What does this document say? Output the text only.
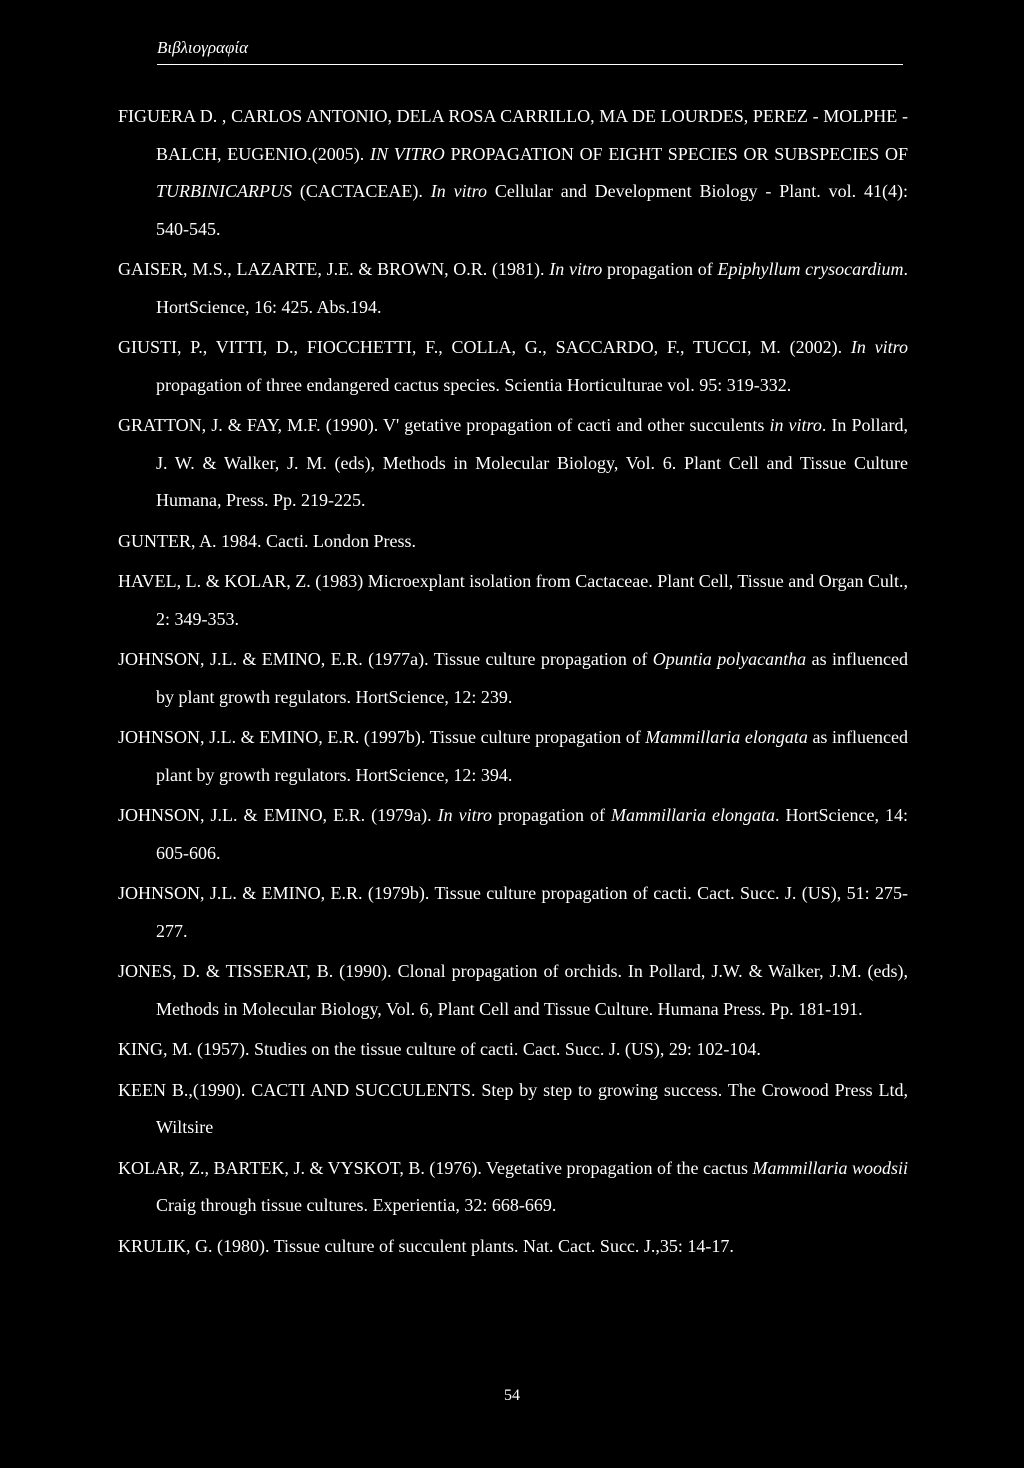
Βιβλιογραφία

FIGUERA D. , CARLOS ANTONIO, DELA ROSA CARRILLO, MA DE LOURDES, PEREZ - MOLPHE - BALCH, EUGENIO.(2005). IN VITRO PROPAGATION OF EIGHT SPECIES OR SUBSPECIES OF TURBINICARPUS (CACTACEAE). In vitro Cellular and Development Biology - Plant. vol. 41(4): 540-545.

GAISER, M.S., LAZARTE, J.E. & BROWN, O.R. (1981). In vitro propagation of Epiphyllum crysocardium. HortScience, 16: 425. Abs.194.

GIUSTI, P., VITTI, D., FIOCCHETTI, F., COLLA, G., SACCARDO, F., TUCCI, M. (2002). In vitro propagation of three endangered cactus species. Scientia Horticulturae vol. 95: 319-332.

GRATTON, J. & FAY, M.F. (1990). V' getative propagation of cacti and other succulents in vitro. In Pollard, J. W. & Walker, J. M. (eds), Methods in Molecular Biology, Vol. 6. Plant Cell and Tissue Culture Humana, Press. Pp. 219-225.

GUNTER, A. 1984. Cacti. London Press.

HAVEL, L. & KOLAR, Z. (1983) Microexplant isolation from Cactaceae. Plant Cell, Tissue and Organ Cult., 2: 349-353.

JOHNSON, J.L. & EMINO, E.R. (1977a). Tissue culture propagation of Opuntia polyacantha as influenced by plant growth regulators. HortScience, 12: 239.

JOHNSON, J.L. & EMINO, E.R. (1997b). Tissue culture propagation of Mammillaria elongata as influenced plant by growth regulators. HortScience, 12: 394.

JOHNSON, J.L. & EMINO, E.R. (1979a). In vitro propagation of Mammillaria elongata. HortScience, 14: 605-606.

JOHNSON, J.L. & EMINO, E.R. (1979b). Tissue culture propagation of cacti. Cact. Succ. J. (US), 51: 275-277.

JONES, D. & TISSERAT, B. (1990). Clonal propagation of orchids. In Pollard, J.W. & Walker, J.M. (eds), Methods in Molecular Biology, Vol. 6, Plant Cell and Tissue Culture. Humana Press. Pp. 181-191.

KING, M. (1957). Studies on the tissue culture of cacti. Cact. Succ. J. (US), 29: 102-104.

KEEN B.,(1990). CACTI AND SUCCULENTS. Step by step to growing success. The Crowood Press Ltd, Wiltsire

KOLAR, Z., BARTEK, J. & VYSKOT, B. (1976). Vegetative propagation of the cactus Mammillaria woodsii Craig through tissue cultures. Experientia, 32: 668-669.

KRULIK, G. (1980). Tissue culture of succulent plants. Nat. Cact. Succ. J.,35: 14-17.

54
